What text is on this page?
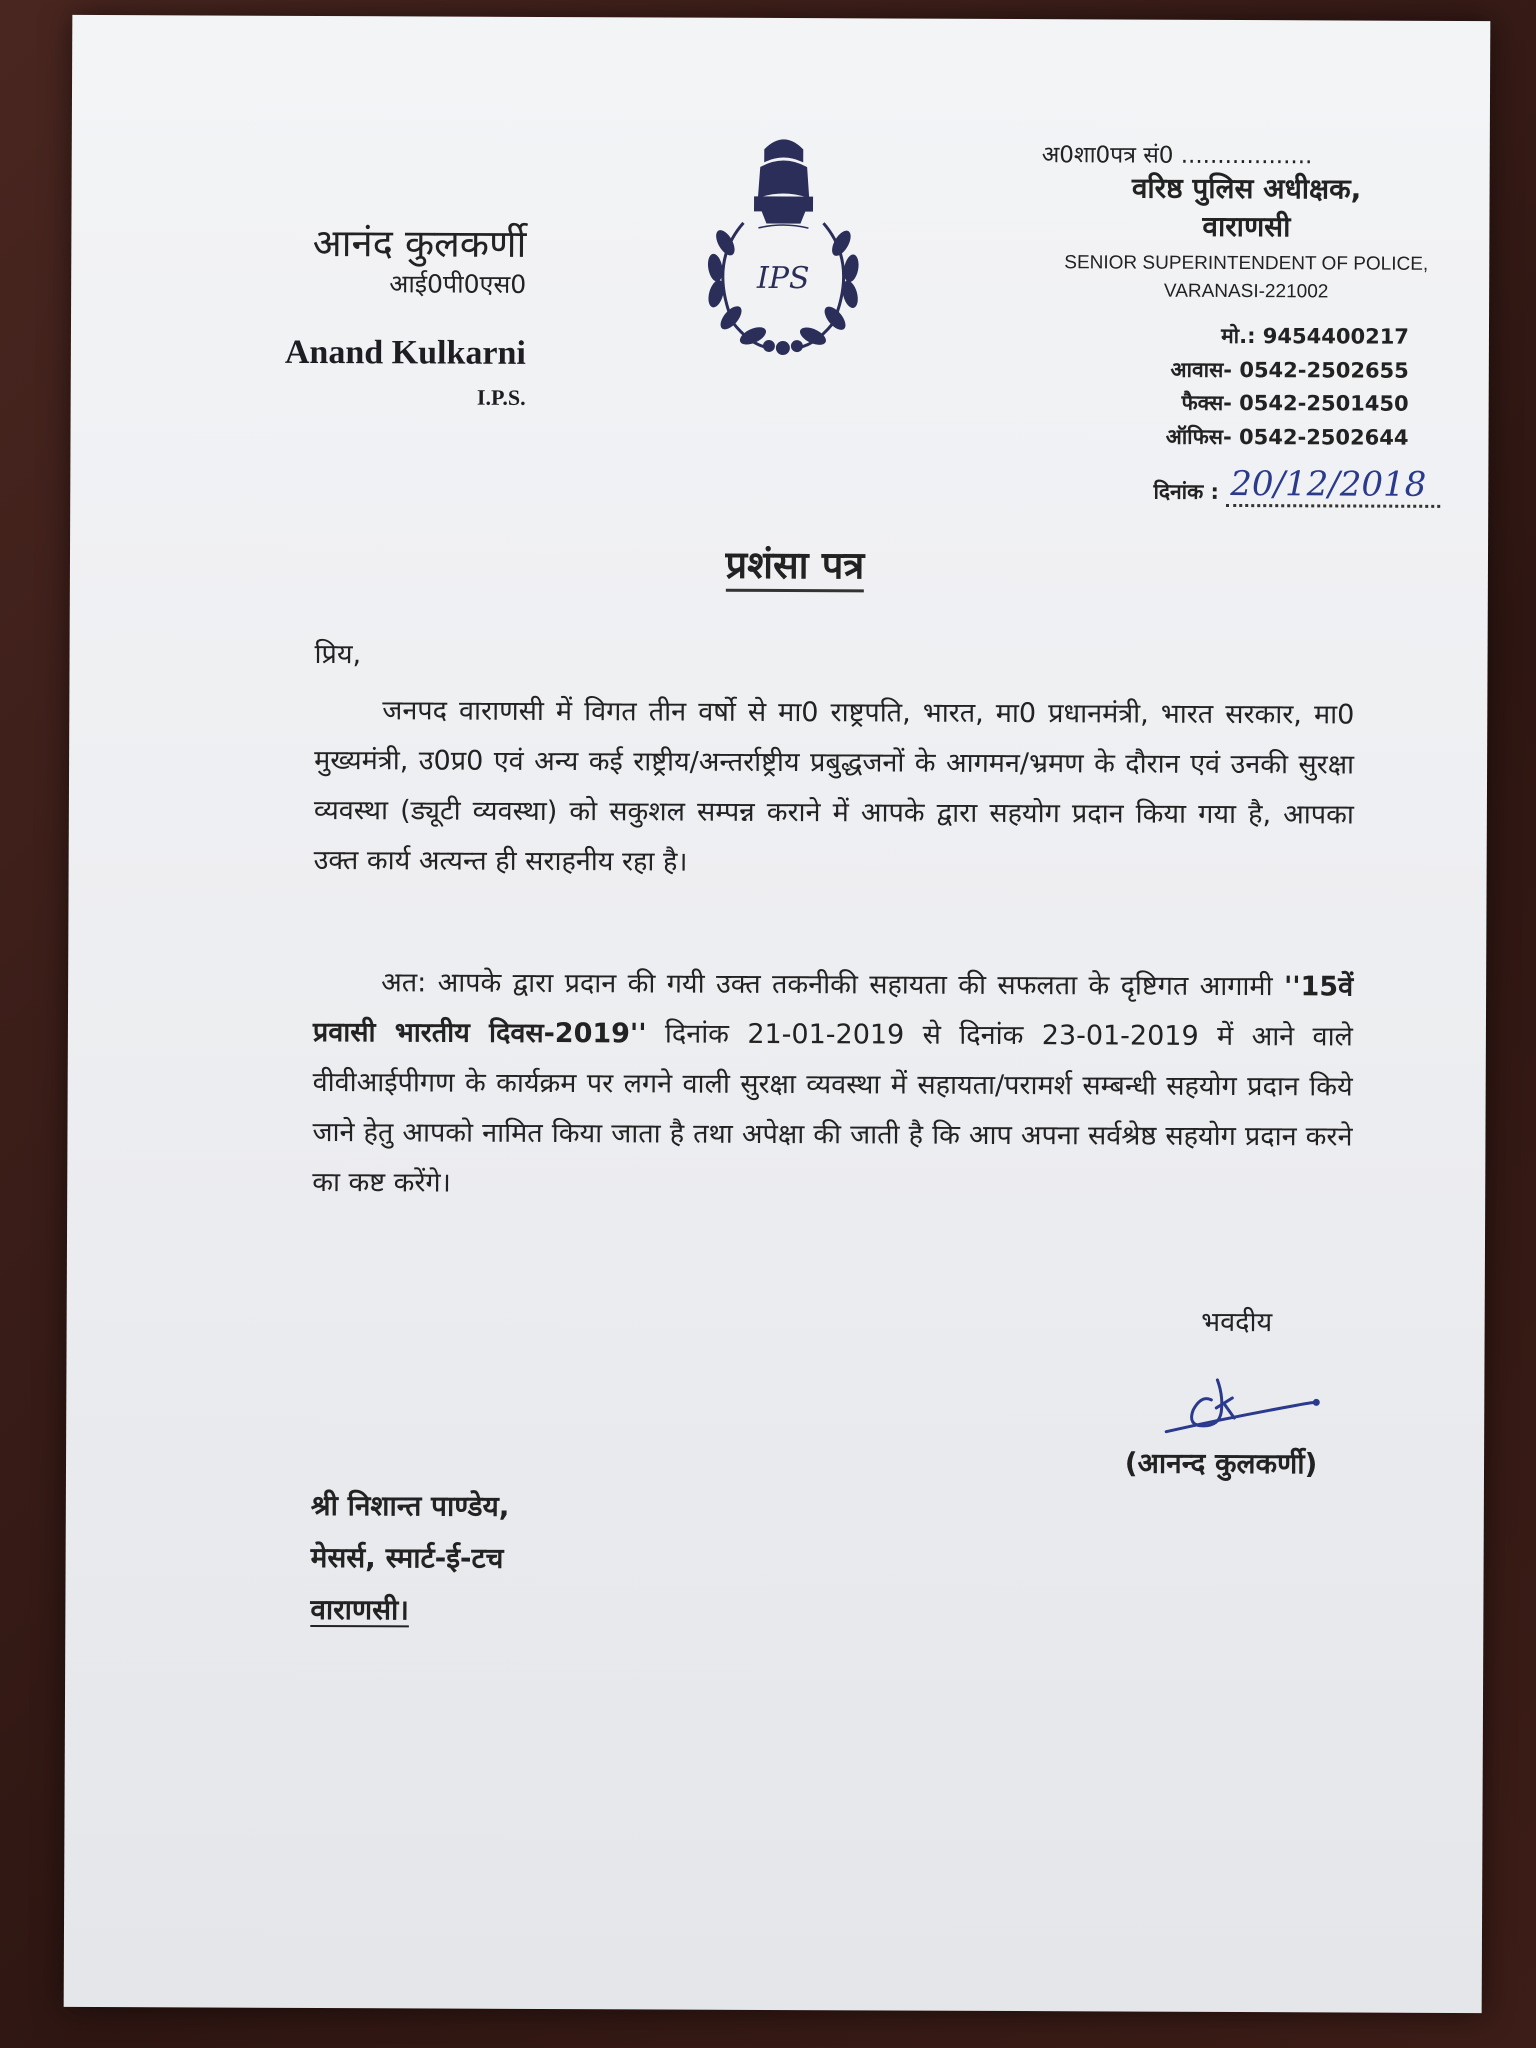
आनंद कुलकर्णी
आई0पी0एस0
Anand Kulkarni
I.P.S.
IPS
अ0शा0पत्र सं0 ..................
वरिष्ठ पुलिस अधीक्षक,
वाराणसी
SENIOR SUPERINTENDENT OF POLICE,
VARANASI-221002
मो.: 9454400217
आवास- 0542-2502655
फैक्स- 0542-2501450
ऑफिस- 0542-2502644
दिनांक : 20/12/2018
प्रशंसा पत्र
प्रिय,
जनपद वाराणसी में विगत तीन वर्षो से मा0 राष्ट्रपति, भारत, मा0 प्रधानमंत्री, भारत सरकार, मा0 मुख्यमंत्री, उ0प्र0 एवं अन्य कई राष्ट्रीय/अन्तर्राष्ट्रीय प्रबुद्धजनों के आगमन/भ्रमण के दौरान एवं उनकी सुरक्षा व्यवस्था (ड्यूटी व्यवस्था) को सकुशल सम्पन्न कराने में आपके द्वारा सहयोग प्रदान किया गया है, आपका उक्त कार्य अत्यन्त ही सराहनीय रहा है।
अत: आपके द्वारा प्रदान की गयी उक्त तकनीकी सहायता की सफलता के दृष्टिगत आगामी ''15वें प्रवासी भारतीय दिवस-2019'' दिनांक 21-01-2019 से दिनांक 23-01-2019 में आने वाले वीवीआईपीगण के कार्यक्रम पर लगने वाली सुरक्षा व्यवस्था में सहायता/परामर्श सम्बन्धी सहयोग प्रदान किये जाने हेतु आपको नामित किया जाता है तथा अपेक्षा की जाती है कि आप अपना सर्वश्रेष्ठ सहयोग प्रदान करने का कष्ट करेंगे।
भवदीय
(आनन्द कुलकर्णी)
श्री निशान्त पाण्डेय,
मेसर्स, स्मार्ट-ई-टच
वाराणसी।
